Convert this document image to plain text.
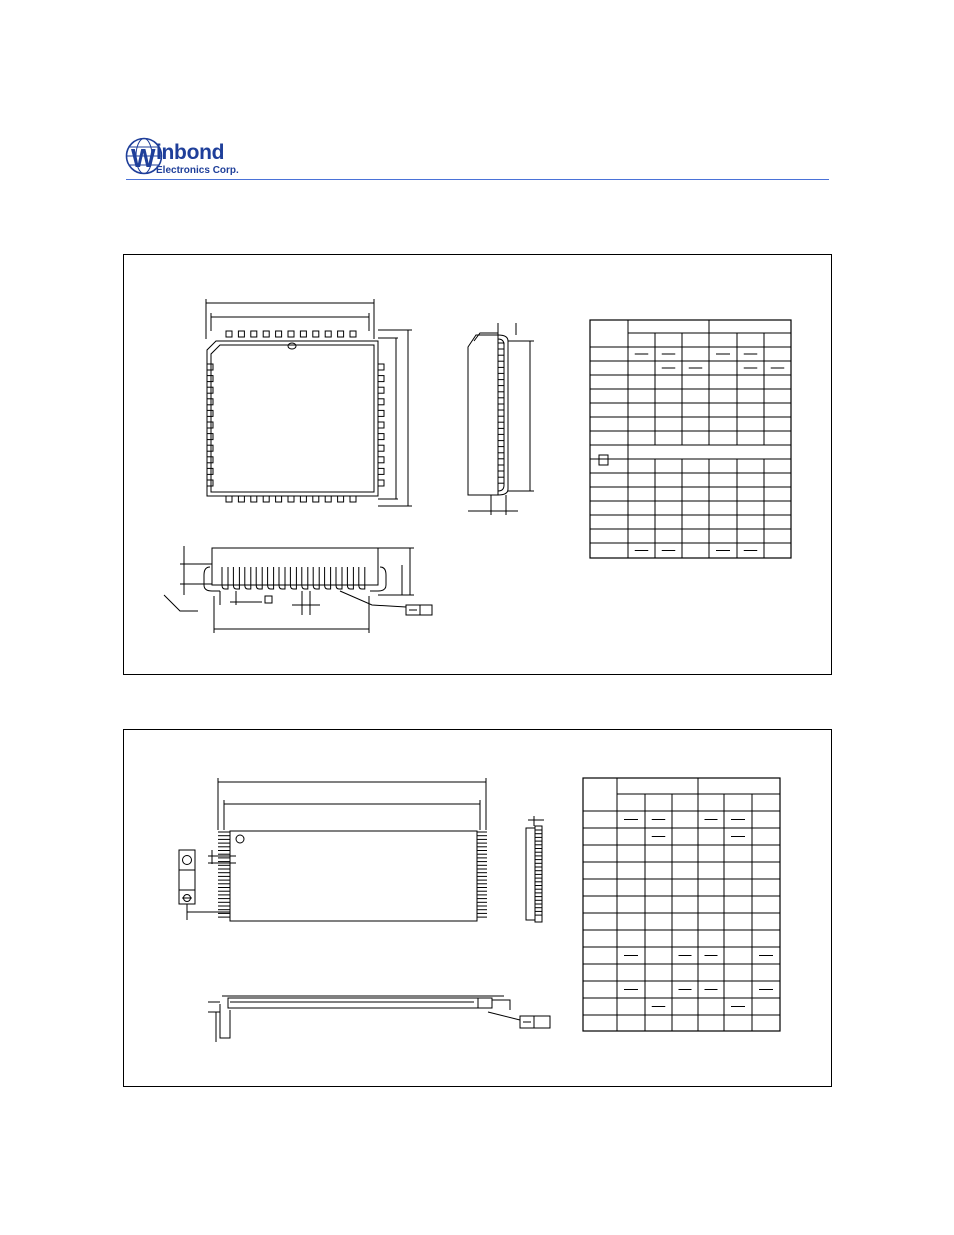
W inbond
Electronics Corp.
